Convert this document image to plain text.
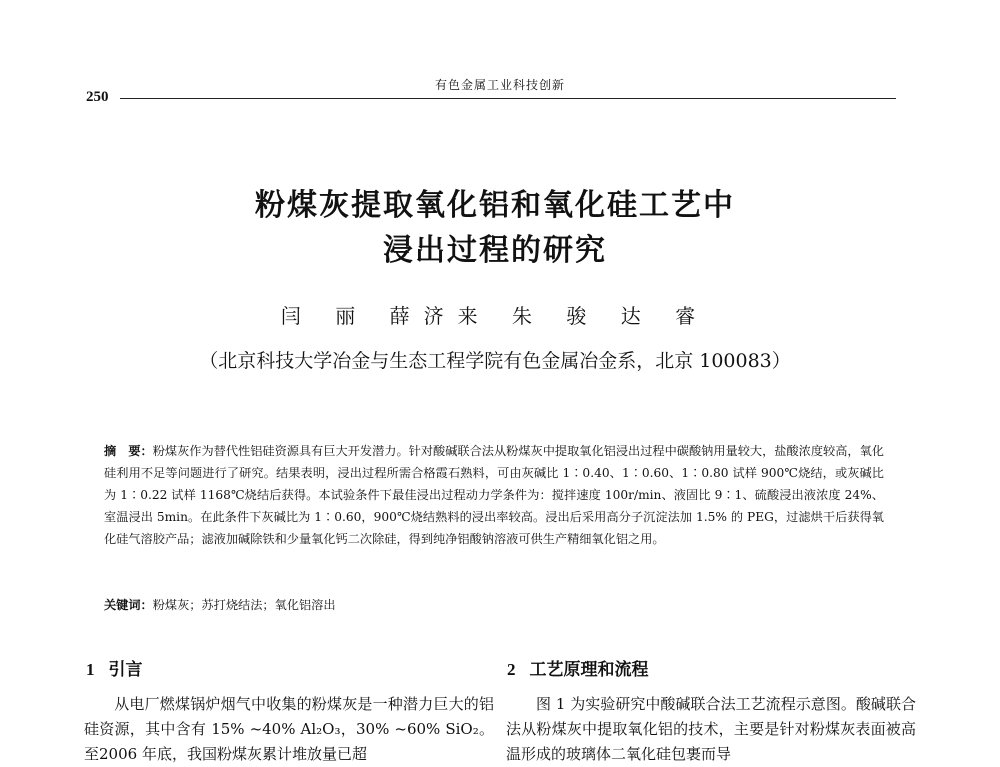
250
有色金属工业科技创新
粉煤灰提取氧化铝和氧化硅工艺中
浸出过程的研究
闫 丽 薛济来 朱 骏 达 睿
（北京科技大学冶金与生态工程学院有色金属冶金系，北京 100083）
摘　要：粉煤灰作为替代性铝硅资源具有巨大开发潜力。针对酸碱联合法从粉煤灰中提取氧化铝浸出过程中碳酸钠用量较大，盐酸浓度较高，氧化硅利用不足等问题进行了研究。结果表明，浸出过程所需合格霞石熟料，可由灰碱比 1∶0.40、1∶0.60、1∶0.80 试样 900℃烧结，或灰碱比为 1∶0.22 试样 1168℃烧结后获得。本试验条件下最佳浸出过程动力学条件为：搅拌速度 100r/min、液固比 9∶1、硫酸浸出液浓度 24%、室温浸出 5min。在此条件下灰碱比为 1∶0.60，900℃烧结熟料的浸出率较高。浸出后采用高分子沉淀法加 1.5% 的 PEG，过滤烘干后获得氧化硅气溶胶产品；滤液加碱除铁和少量氧化钙二次除硅，得到纯净铝酸钠溶液可供生产精细氧化铝之用。
关键词：粉煤灰；苏打烧结法；氧化铝溶出
1 引言	2 工艺原理和流程
从电厂燃煤锅炉烟气中收集的粉煤灰是一种潜力巨大的铝硅资源，其中含有 15% ~40% Al₂O₃，30% ~60% SiO₂。至2006 年底，我国粉煤灰累计堆放量已超
图 1 为实验研究中酸碱联合法工艺流程示意图。酸碱联合法从粉煤灰中提取氧化铝的技术，主要是针对粉煤灰表面被高温形成的玻璃体二氧化硅包裹而导
